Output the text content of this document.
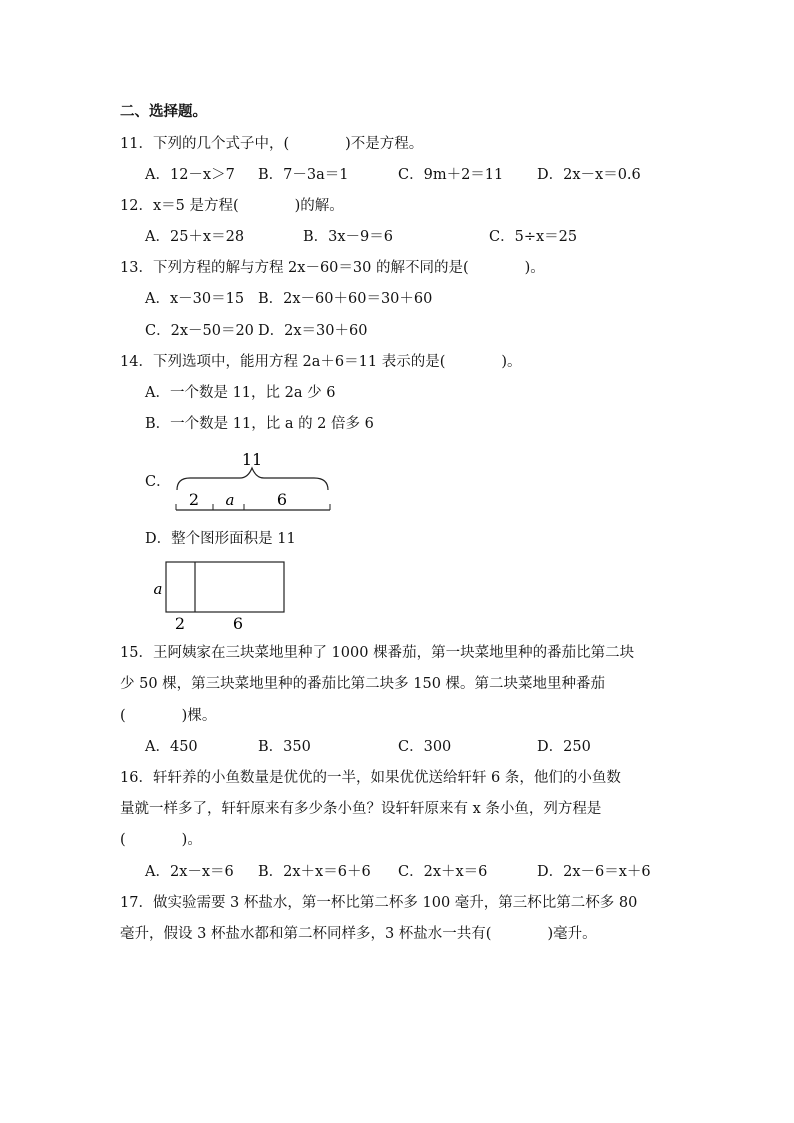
二、选择题。
11．下列的几个式子中，(	)不是方程。
A．12－x＞7 B．7－3a＝1	C．9m＋2＝11 D．2x－x＝0.6
12．x＝5 是方程(	)的解。
A．25＋x＝28	B．3x－9＝6	C．5÷x＝25
13．下列方程的解与方程 2x－60＝30 的解不同的是(	)。
A．x－30＝15 B．2x－60＋60＝30＋60
C．2x－50＝20 D．2x＝30＋60
14．下列选项中，能用方程 2a＋6＝11 表示的是(	)。
A．一个数是 11，比 2a 少 6
B．一个数是 11，比 a 的 2 倍多 6
C．
11
2 a	6
D．整个图形面积是 11
a
2	6
15．王阿姨家在三块菜地里种了 1000 棵番茄，第一块菜地里种的番茄比第二块
少 50 棵，第三块菜地里种的番茄比第二块多 150 棵。第二块菜地里种番茄
(	)棵。
A．450	B．350	C．300	D．250
16．轩轩养的小鱼数量是优优的一半，如果优优送给轩轩 6 条，他们的小鱼数
量就一样多了，轩轩原来有多少条小鱼？设轩轩原来有 x 条小鱼，列方程是
(	)。
A．2x－x＝6 B．2x＋x＝6＋6 C．2x＋x＝6	D．2x－6＝x＋6
17．做实验需要 3 杯盐水，第一杯比第二杯多 100 毫升，第三杯比第二杯多 80
毫升，假设 3 杯盐水都和第二杯同样多，3 杯盐水一共有(	)毫升。
